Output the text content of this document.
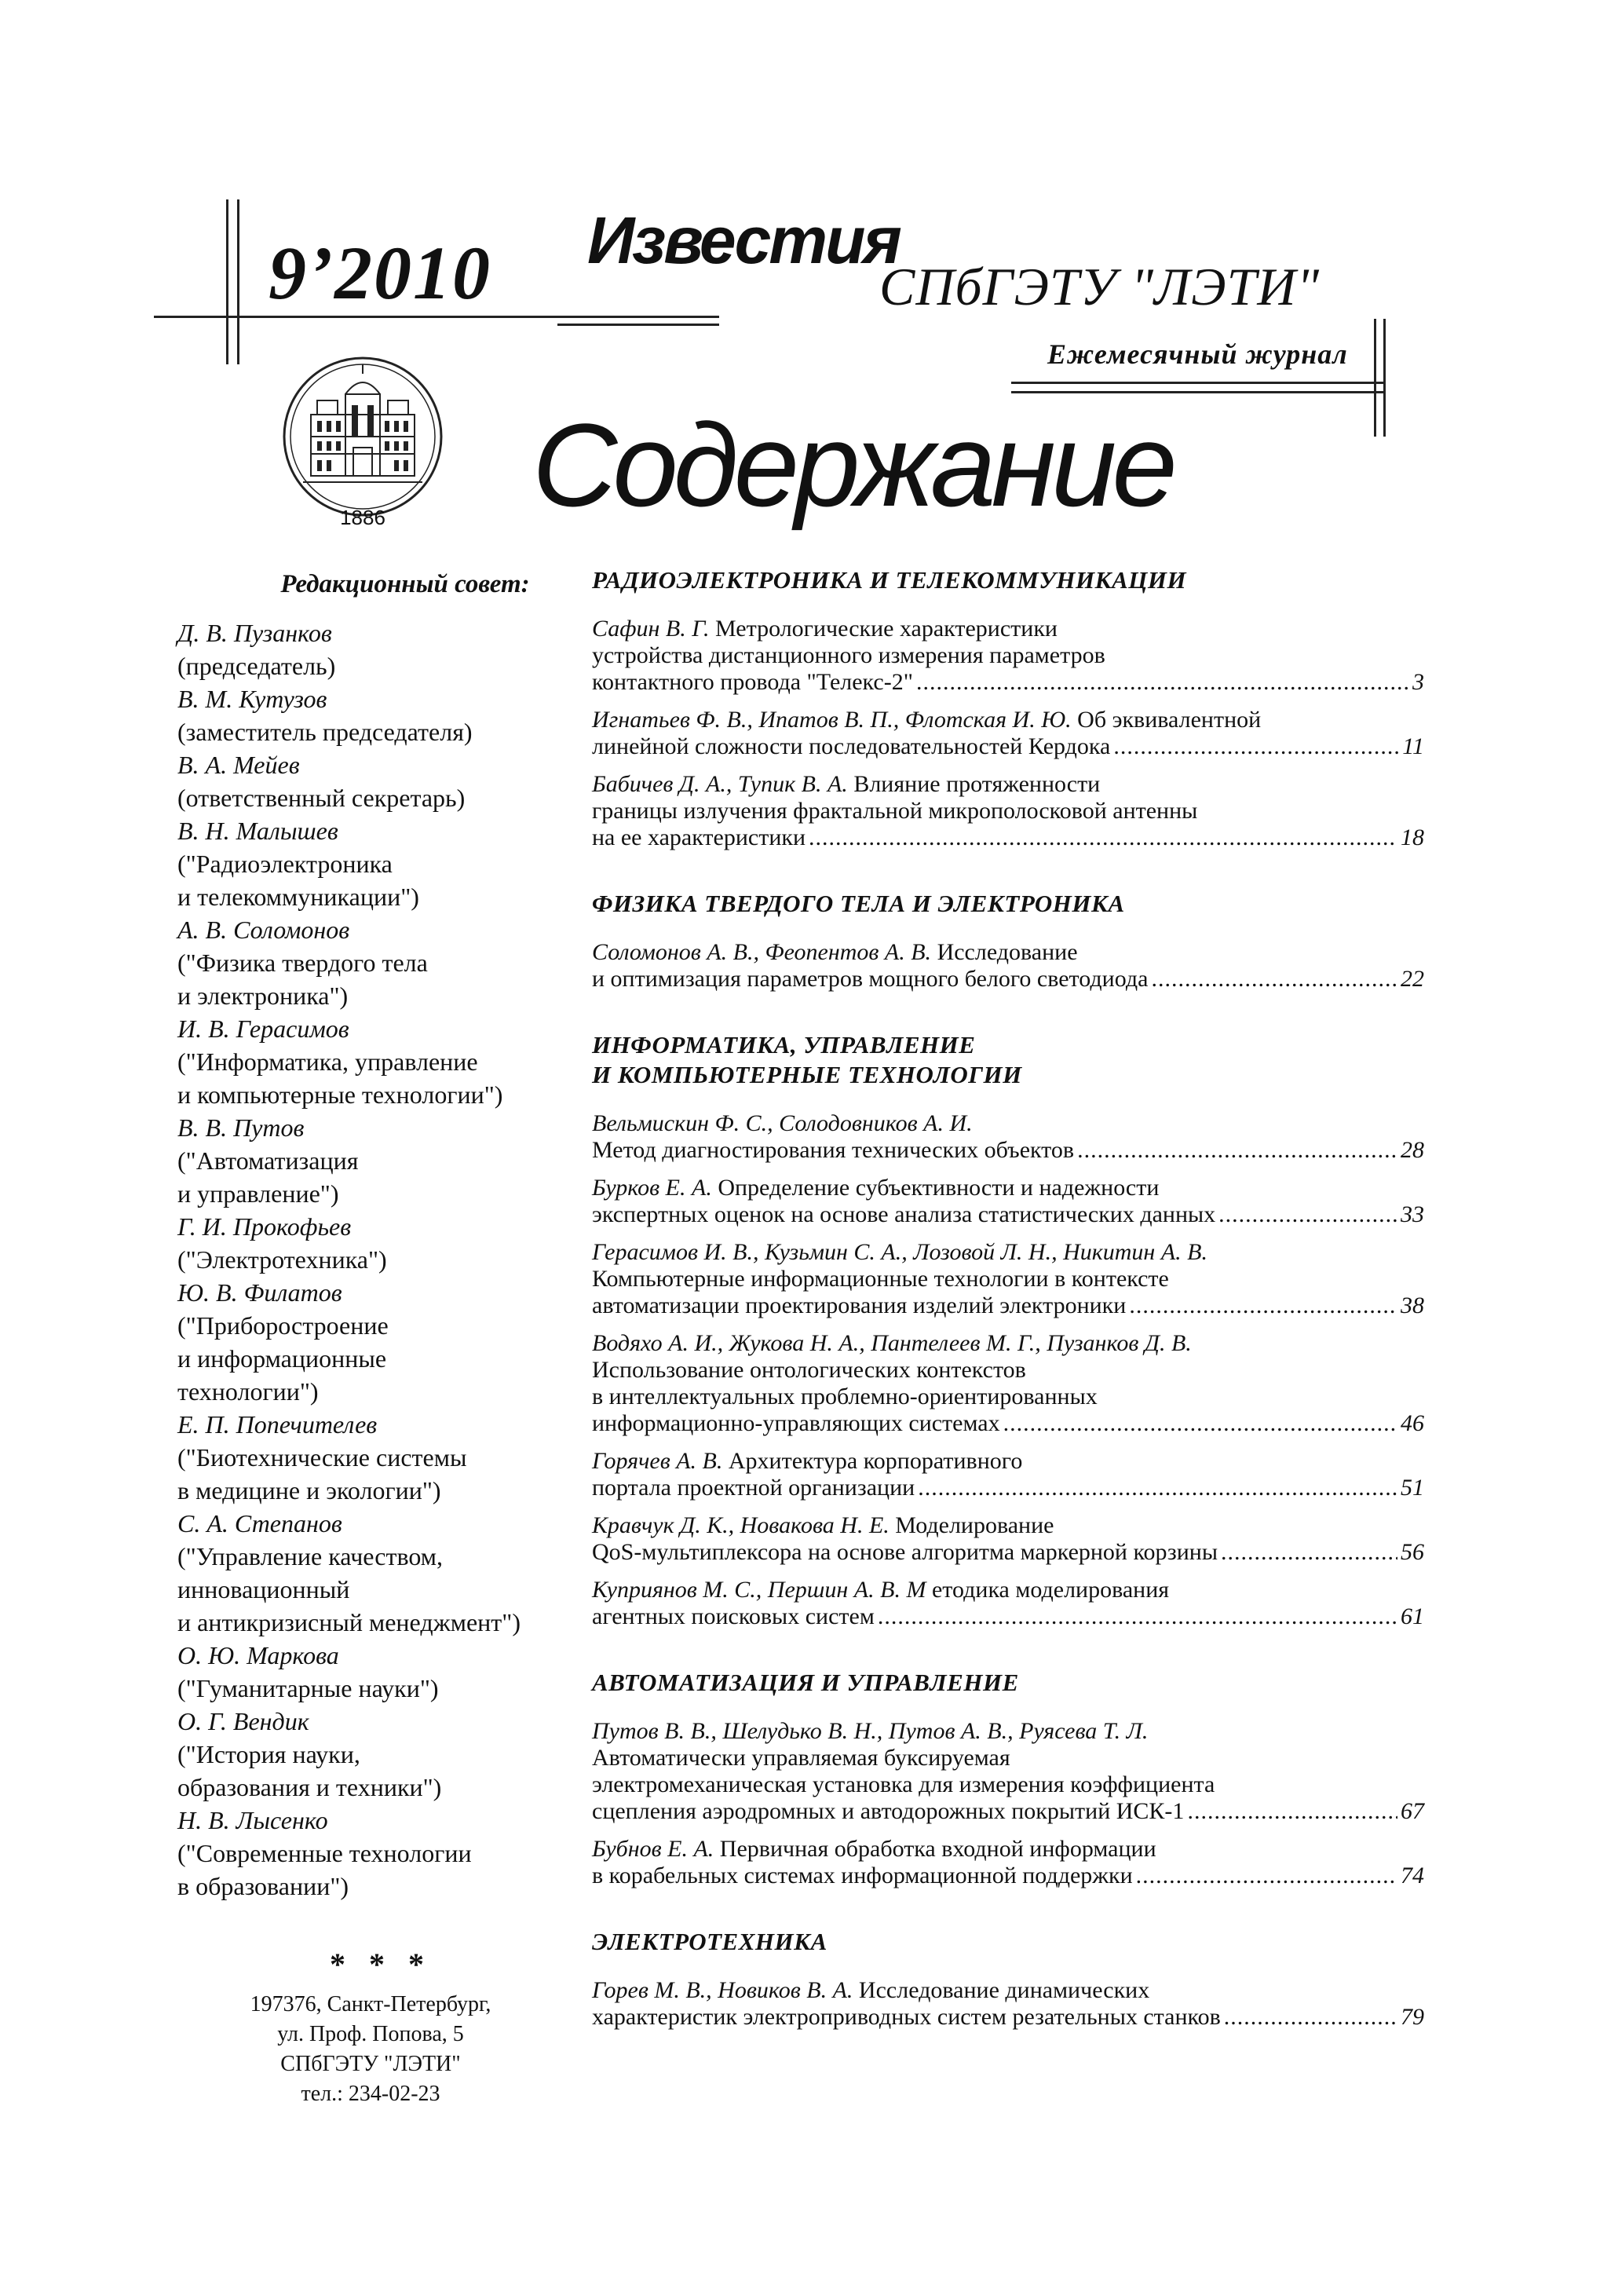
9’2010 Известия
СПбГЭТУ "ЛЭТИ"
Ежемесячный журнал
Содержание
1886
Редакционный совет:
Д. В. Пузанков
(председатель)
В. М. Кутузов
(заместитель председателя)
В. А. Мейев
(ответственный секретарь)
В. Н. Малышев
("Радиоэлектроника
и телекоммуникации")
А. В. Соломонов
("Физика твердого тела
и электроника")
И. В. Герасимов
("Информатика, управление
и компьютерные технологии")
В. В. Путов
("Автоматизация
и управление")
Г. И. Прокофьев
("Электротехника")
Ю. В. Филатов
("Приборостроение
и информационные
технологии")
Е. П. Попечителев
("Биотехнические системы
в медицине и экологии")
С. А. Степанов
("Управление качеством,
инновационный
и антикризисный менеджмент")
О. Ю. Маркова
("Гуманитарные науки")
О. Г. Вендик
("История науки,
образования и техники")
Н. В. Лысенко
("Современные технологии
в образовании")
* * *
197376, Санкт-Петербург,
ул. Проф. Попова, 5
СПбГЭТУ "ЛЭТИ"
тел.: 234-02-23
РАДИОЭЛЕКТРОНИКА И ТЕЛЕКОММУНИКАЦИИ
Сафин В. Г. Метрологические характеристики
устройства дистанционного измерения параметров
контактного провода "Телекс-2" .....	3
Игнатьев Ф. В., Ипатов В. П., Флотская И. Ю. Об эквивалентной
линейной сложности последовательностей Кердока .....	11
Бабичев Д. А., Тупик В. А. Влияние протяженности
границы излучения фрактальной микрополосковой антенны
на ее характеристики .....	18
ФИЗИКА ТВЕРДОГО ТЕЛА И ЭЛЕКТРОНИКА
Соломонов А. В., Феопентов А. В. Исследование
и оптимизация параметров мощного белого светодиода .....	22
ИНФОРМАТИКА, УПРАВЛЕНИЕ
И КОМПЬЮТЕРНЫЕ ТЕХНОЛОГИИ
Вельмискин Ф. С., Солодовников А. И.
Метод диагностирования технических объектов .....	28
Бурков Е. А. Определение субъективности и надежности
экспертных оценок на основе анализа статистических данных .....	33
Герасимов И. В., Кузьмин С. А., Лозовой Л. Н., Никитин А. В.
Компьютерные информационные технологии в контексте
автоматизации проектирования изделий электроники .....	38
Водяхо А. И., Жукова Н. А., Пантелеев М. Г., Пузанков Д. В.
Использование онтологических контекстов
в интеллектуальных проблемно-ориентированных
информационно-управляющих системах .....	46
Горячев А. В. Архитектура корпоративного
портала проектной организации .....	51
Кравчук Д. К., Новакова Н. Е. Моделирование
QoS-мультиплексора на основе алгоритма маркерной корзины .....	56
Куприянов М. С., Першин А. В. М етодика моделирования
агентных поисковых систем .....	61
АВТОМАТИЗАЦИЯ И УПРАВЛЕНИЕ
Путов В. В., Шелудько В. Н., Путов А. В., Руясева Т. Л.
Автоматически управляемая буксируемая
электромеханическая установка для измерения коэффициента
сцепления аэродромных и автодорожных покрытий ИСК-1 .....	67
Бубнов Е. А. Первичная обработка входной информации
в корабельных системах информационной поддержки .....	74
ЭЛЕКТРОТЕХНИКА
Горев М. В., Новиков В. А. Исследование динамических
характеристик электроприводных систем резательных станков .....	79
